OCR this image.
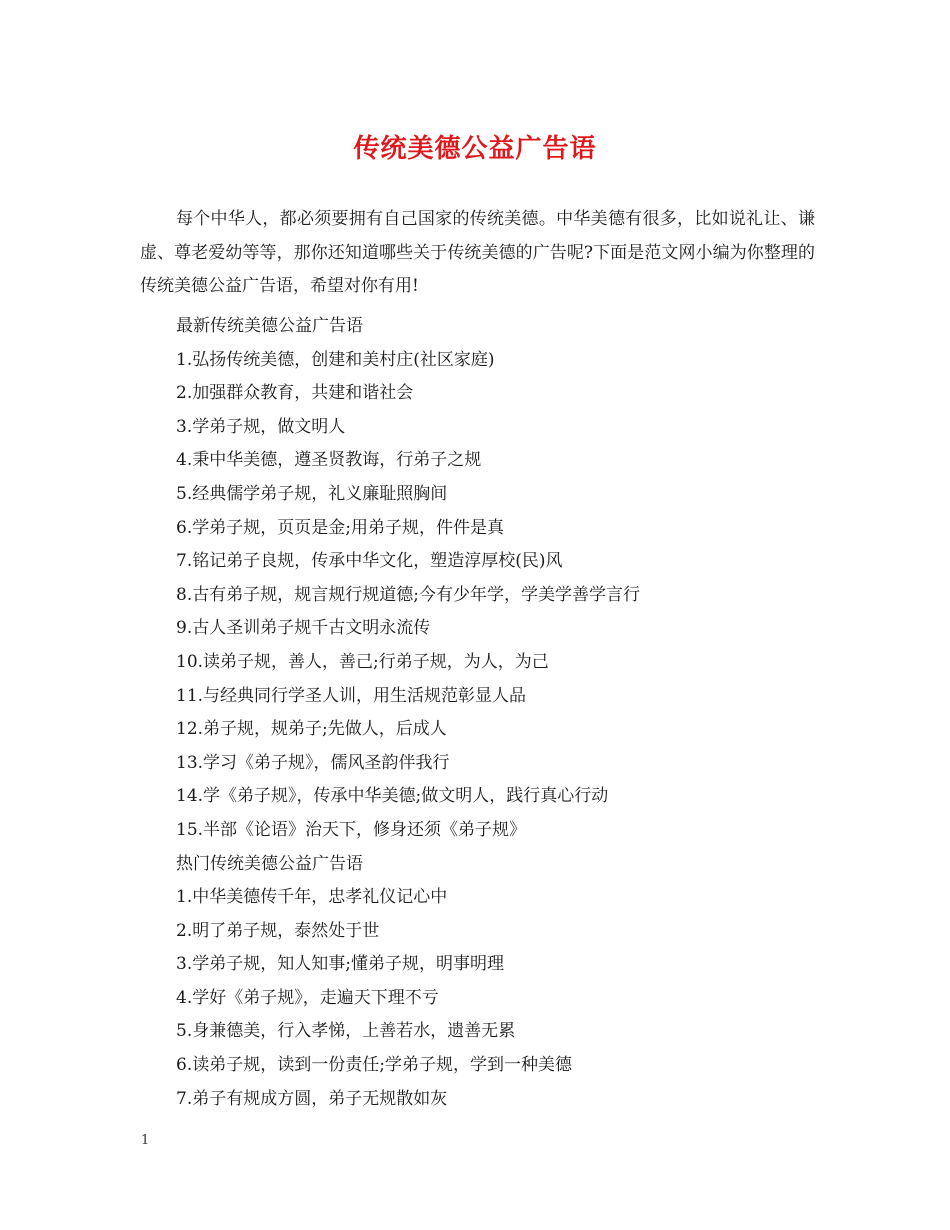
传统美德公益广告语

每个中华人，都必须要拥有自己国家的传统美德。中华美德有很多，比如说礼让、谦虚、尊老爱幼等等，那你还知道哪些关于传统美德的广告呢?下面是范文网小编为你整理的传统美德公益广告语，希望对你有用!

最新传统美德公益广告语
1.弘扬传统美德，创建和美村庄(社区家庭)
2.加强群众教育，共建和谐社会
3.学弟子规，做文明人
4.秉中华美德，遵圣贤教诲，行弟子之规
5.经典儒学弟子规，礼义廉耻照胸间
6.学弟子规，页页是金;用弟子规，件件是真
7.铭记弟子良规，传承中华文化，塑造淳厚校(民)风
8.古有弟子规，规言规行规道德;今有少年学，学美学善学言行
9.古人圣训弟子规千古文明永流传
10.读弟子规，善人，善己;行弟子规，为人，为己
11.与经典同行学圣人训，用生活规范彰显人品
12.弟子规，规弟子;先做人，后成人
13.学习《弟子规》，儒风圣韵伴我行
14.学《弟子规》，传承中华美德;做文明人，践行真心行动
15.半部《论语》治天下，修身还须《弟子规》
热门传统美德公益广告语
1.中华美德传千年，忠孝礼仪记心中
2.明了弟子规，泰然处于世
3.学弟子规，知人知事;懂弟子规，明事明理
4.学好《弟子规》，走遍天下理不亏
5.身兼德美，行入孝悌，上善若水，遗善无累
6.读弟子规，读到一份责任;学弟子规，学到一种美德
7.弟子有规成方圆，弟子无规散如灰
1
